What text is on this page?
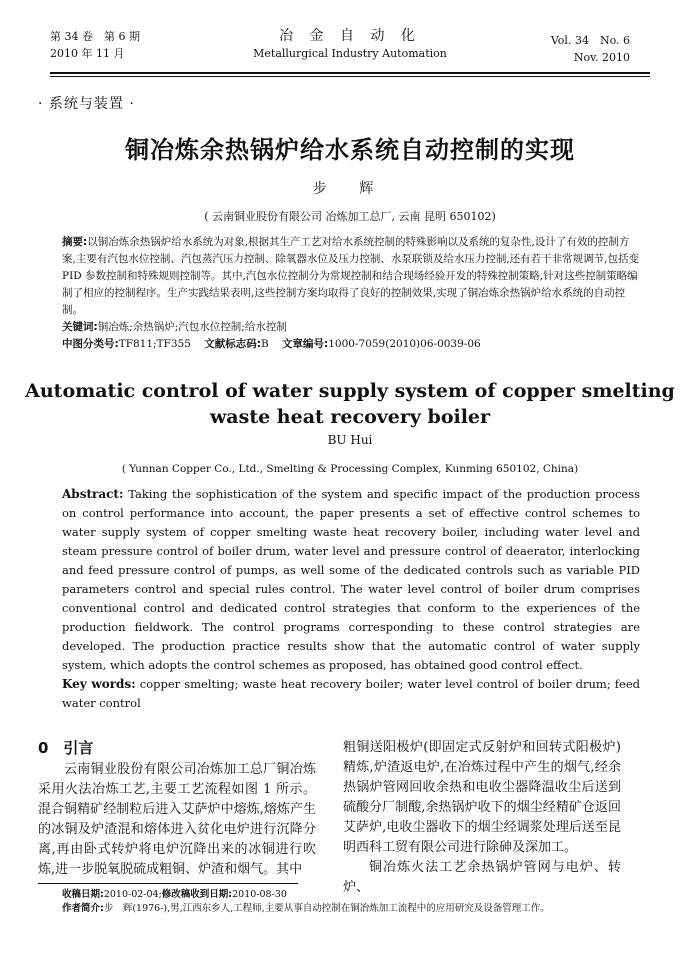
第 34 卷　第 6 期
2010 年 11 月
冶 金 自 动 化
Metallurgical Industry Automation
Vol. 34　No. 6
Nov. 2010
· 系统与装置 ·
铜冶炼余热锅炉给水系统自动控制的实现
步 辉
( 云南铜业股份有限公司 冶炼加工总厂, 云南 昆明 650102)
摘要:以铜冶炼余热锅炉给水系统为对象,根据其生产工艺对给水系统控制的特殊影响以及系统的复杂性,设计了有效的控制方案,主要有汽包水位控制、汽包蒸汽压力控制、除氧器水位及压力控制、水泵联锁及给水压力控制,还有若干非常规调节,包括变 PID 参数控制和特殊规则控制等。其中,汽包水位控制分为常规控制和结合现场经验开发的特殊控制策略,针对这些控制策略编制了相应的控制程序。生产实践结果表明,这些控制方案均取得了良好的控制效果,实现了铜冶炼余热锅炉给水系统的自动控制。
关键词:铜冶炼;余热锅炉;汽包水位控制;给水控制
中图分类号:TF811;TF355 文献标志码:B 文章编号:1000-7059(2010)06-0039-06
Automatic control of water supply system of copper smelting waste heat recovery boiler
BU Hui
( Yunnan Copper Co., Ltd., Smelting & Processing Complex, Kunming 650102, China)
Abstract: Taking the sophistication of the system and specific impact of the production process on control performance into account, the paper presents a set of effective control schemes to water supply system of copper smelting waste heat recovery boiler, including water level and steam pressure control of boiler drum, water level and pressure control of deaerator, interlocking and feed pressure control of pumps, as well some of the dedicated controls such as variable PID parameters control and special rules control. The water level control of boiler drum comprises conventional control and dedicated control strategies that conform to the experiences of the production fieldwork. The control programs corresponding to these control strategies are developed. The production practice results show that the automatic control of water supply system, which adopts the control schemes as proposed, has obtained good control effect.
Key words: copper smelting; waste heat recovery boiler; water level control of boiler drum; feed water control
0　引言

云南铜业股份有限公司冶炼加工总厂铜冶炼采用火法冶炼工艺,主要工艺流程如图 1 所示。混合铜精矿经制粒后进入艾萨炉中熔炼,熔炼产生的冰铜及炉渣混和熔体进入贫化电炉进行沉降分离,再由卧式转炉将电炉沉降出来的冰铜进行吹炼,进一步脱氧脱硫成粗铜、炉渣和烟气。其中

粗铜送阳极炉(即固定式反射炉和回转式阳极炉)精炼,炉渣返电炉,在冶炼过程中产生的烟气,经余热锅炉管网回收余热和电收尘器降温收尘后送到硫酸分厂制酸,余热锅炉收下的烟尘经精矿仓返回艾萨炉,电收尘器收下的烟尘经调浆处理后送至昆明西科工贸有限公司进行除砷及深加工。

铜冶炼火法工艺余热锅炉管网与电炉、转炉、

收稿日期:2010-02-04;修改稿收到日期:2010-08-30
作者简介:步　辉(1976-),男,江西东乡人,工程师,主要从事自动控制在铜冶炼加工流程中的应用研究及设备管理工作。
